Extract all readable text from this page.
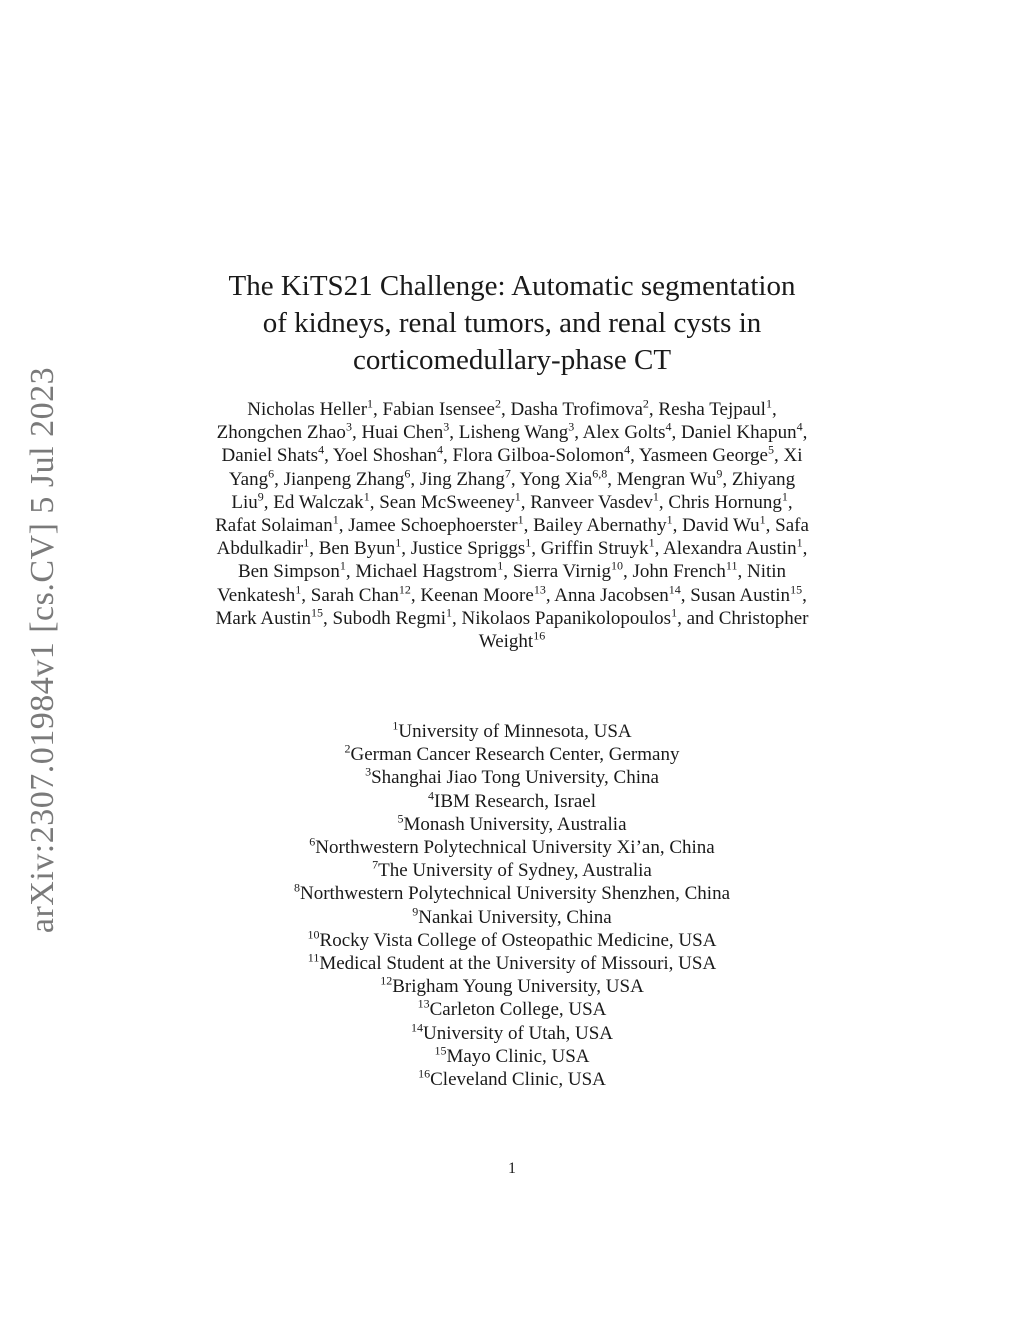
arXiv:2307.01984v1 [cs.CV] 5 Jul 2023
The KiTS21 Challenge: Automatic segmentation
of kidneys, renal tumors, and renal cysts in
corticomedullary-phase CT
Nicholas Heller$^1$, Fabian Isensee$^2$, Dasha Trofimova$^2$, Resha Tejpaul$^1$, Zhongchen Zhao$^3$, Huai Chen$^3$, Lisheng Wang$^3$, Alex Golts$^4$, Daniel Khapun$^4$, Daniel Shats$^4$, Yoel Shoshan$^4$, Flora Gilboa-Solomon$^4$, Yasmeen George$^5$, Xi Yang$^6$, Jianpeng Zhang$^6$, Jing Zhang$^7$, Yong Xia$^{6,8}$, Mengran Wu$^9$, Zhiyang Liu$^9$, Ed Walczak$^1$, Sean McSweeney$^1$, Ranveer Vasdev$^1$, Chris Hornung$^1$, Rafat Solaiman$^1$, Jamee Schoephoerster$^1$, Bailey Abernathy$^1$, David Wu$^1$, Safa Abdulkadir$^1$, Ben Byun$^1$, Justice Spriggs$^1$, Griffin Struyk$^1$, Alexandra Austin$^1$, Ben Simpson$^1$, Michael Hagstrom$^1$, Sierra Virnig$^{10}$, John French$^{11}$, Nitin Venkatesh$^1$, Sarah Chan$^{12}$, Keenan Moore$^{13}$, Anna Jacobsen$^{14}$, Susan Austin$^{15}$, Mark Austin$^{15}$, Subodh Regmi$^1$, Nikolaos Papanikolopoulos$^1$, and Christopher Weight$^{16}$
$^1$University of Minnesota, USA
$^2$German Cancer Research Center, Germany
$^3$Shanghai Jiao Tong University, China
$^4$IBM Research, Israel
$^5$Monash University, Australia
$^6$Northwestern Polytechnical University Xi’an, China
$^7$The University of Sydney, Australia
$^8$Northwestern Polytechnical University Shenzhen, China
$^9$Nankai University, China
$^{10}$Rocky Vista College of Osteopathic Medicine, USA
$^{11}$Medical Student at the University of Missouri, USA
$^{12}$Brigham Young University, USA
$^{13}$Carleton College, USA
$^{14}$University of Utah, USA
$^{15}$Mayo Clinic, USA
$^{16}$Cleveland Clinic, USA
1
